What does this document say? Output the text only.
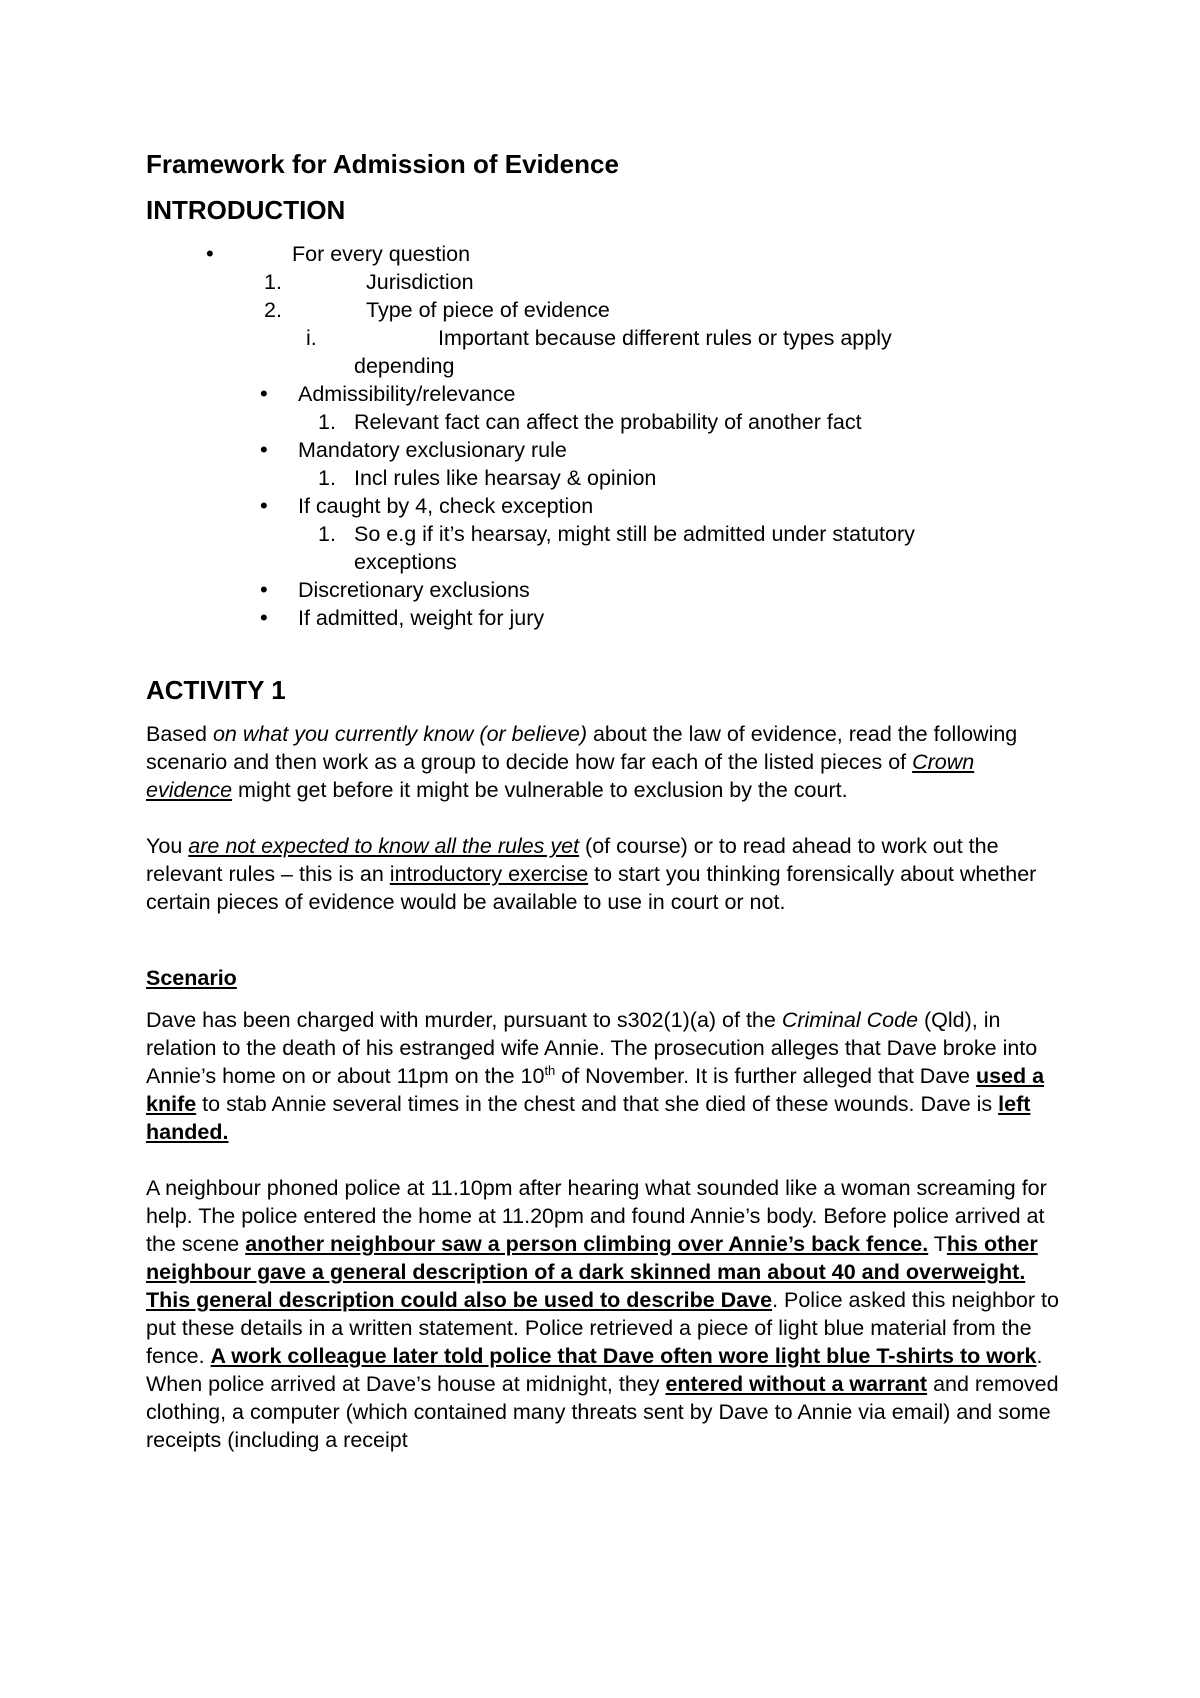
Framework for Admission of Evidence
INTRODUCTION
•	For every question
1.	Jurisdiction
2.	Type of piece of evidence
i.	Important because different rules or types apply
depending
• Admissibility/relevance
1. Relevant fact can affect the probability of another fact
• Mandatory exclusionary rule
1. Incl rules like hearsay & opinion
• If caught by 4, check exception
1. So e.g if it’s hearsay, might still be admitted under statutory
exceptions
• Discretionary exclusions
• If admitted, weight for jury
ACTIVITY 1

Based on what you currently know (or believe) about the law of evidence, read the following scenario and then work as a group to decide how far each of the listed pieces of Crown evidence might get before it might be vulnerable to exclusion by the court.

You are not expected to know all the rules yet (of course) or to read ahead to work out the relevant rules – this is an introductory exercise to start you thinking forensically about whether certain pieces of evidence would be available to use in court or not.

Scenario

Dave has been charged with murder, pursuant to s302(1)(a) of the Criminal Code (Qld), in relation to the death of his estranged wife Annie. The prosecution alleges that Dave broke into Annie’s home on or about 11pm on the 10th of November. It is further alleged that Dave used a knife to stab Annie several times in the chest and that she died of these wounds. Dave is left handed.

A neighbour phoned police at 11.10pm after hearing what sounded like a woman screaming for help. The police entered the home at 11.20pm and found Annie’s body. Before police arrived at the scene another neighbour saw a person climbing over Annie’s back fence. This other neighbour gave a general description of a dark skinned man about 40 and overweight. This general description could also be used to describe Dave. Police asked this neighbor to put these details in a written statement. Police retrieved a piece of light blue material from the fence. A work colleague later told police that Dave often wore light blue T-shirts to work. When police arrived at Dave’s house at midnight, they entered without a warrant and removed clothing, a computer (which contained many threats sent by Dave to Annie via email) and some receipts (including a receipt
